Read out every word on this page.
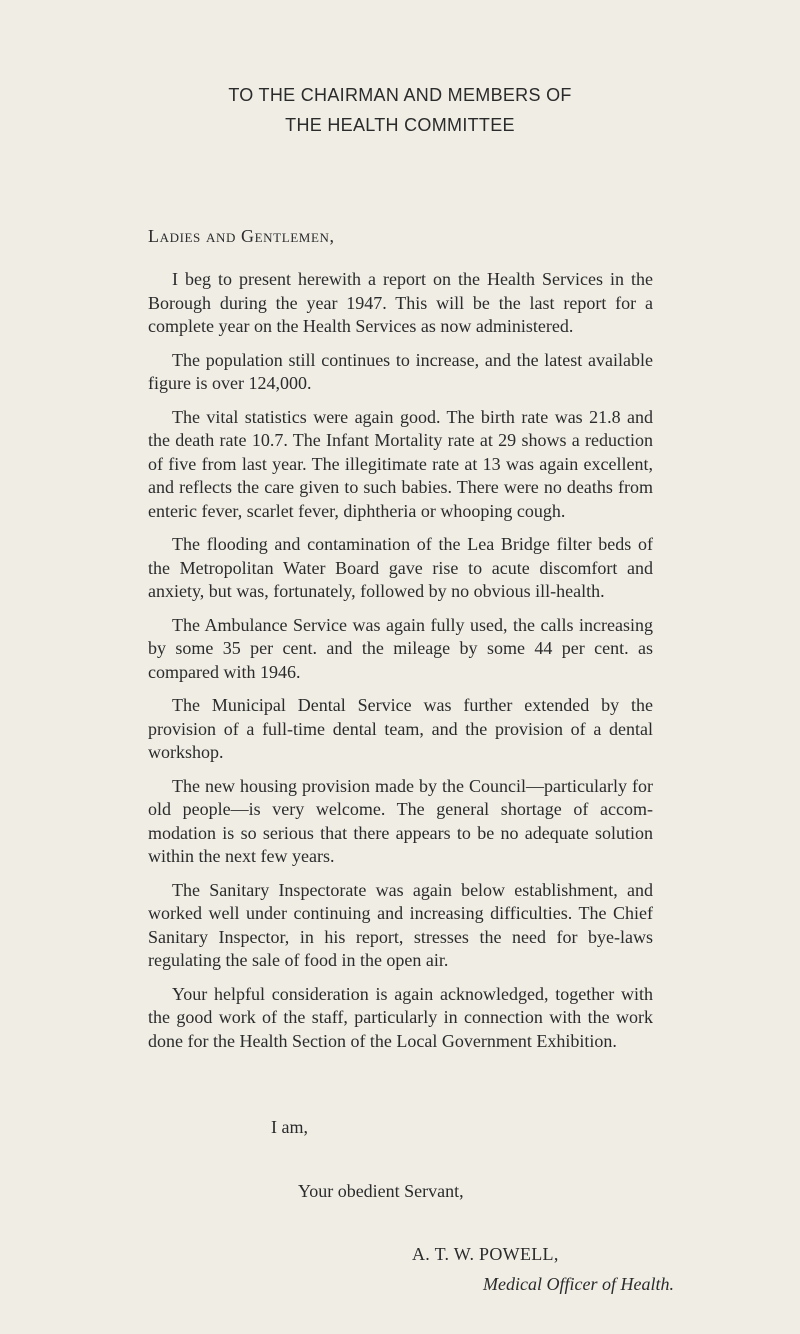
TO THE CHAIRMAN AND MEMBERS OF
THE HEALTH COMMITTEE
Ladies and Gentlemen,

I beg to present herewith a report on the Health Services in the Borough during the year 1947. This will be the last report for a complete year on the Health Services as now administered.

The population still continues to increase, and the latest available figure is over 124,000.

The vital statistics were again good. The birth rate was 21.8 and the death rate 10.7. The Infant Mortality rate at 29 shows a reduction of five from last year. The illegitimate rate at 13 was again excellent, and reflects the care given to such babies. There were no deaths from enteric fever, scarlet fever, diphtheria or whooping cough.

The flooding and contamination of the Lea Bridge filter beds of the Metropolitan Water Board gave rise to acute discomfort and anxiety, but was, fortunately, followed by no obvious ill-health.

The Ambulance Service was again fully used, the calls increasing by some 35 per cent. and the mileage by some 44 per cent. as compared with 1946.

The Municipal Dental Service was further extended by the provision of a full-time dental team, and the provision of a dental workshop.

The new housing provision made by the Council—particularly for old people—is very welcome. The general shortage of accom-modation is so serious that there appears to be no adequate solution within the next few years.

The Sanitary Inspectorate was again below establishment, and worked well under continuing and increasing difficulties. The Chief Sanitary Inspector, in his report, stresses the need for bye-laws regulating the sale of food in the open air.

Your helpful consideration is again acknowledged, together with the good work of the staff, particularly in connection with the work done for the Health Section of the Local Government Exhibition.

I am,
Your obedient Servant,
A. T. W. POWELL,
Medical Officer of Health.
